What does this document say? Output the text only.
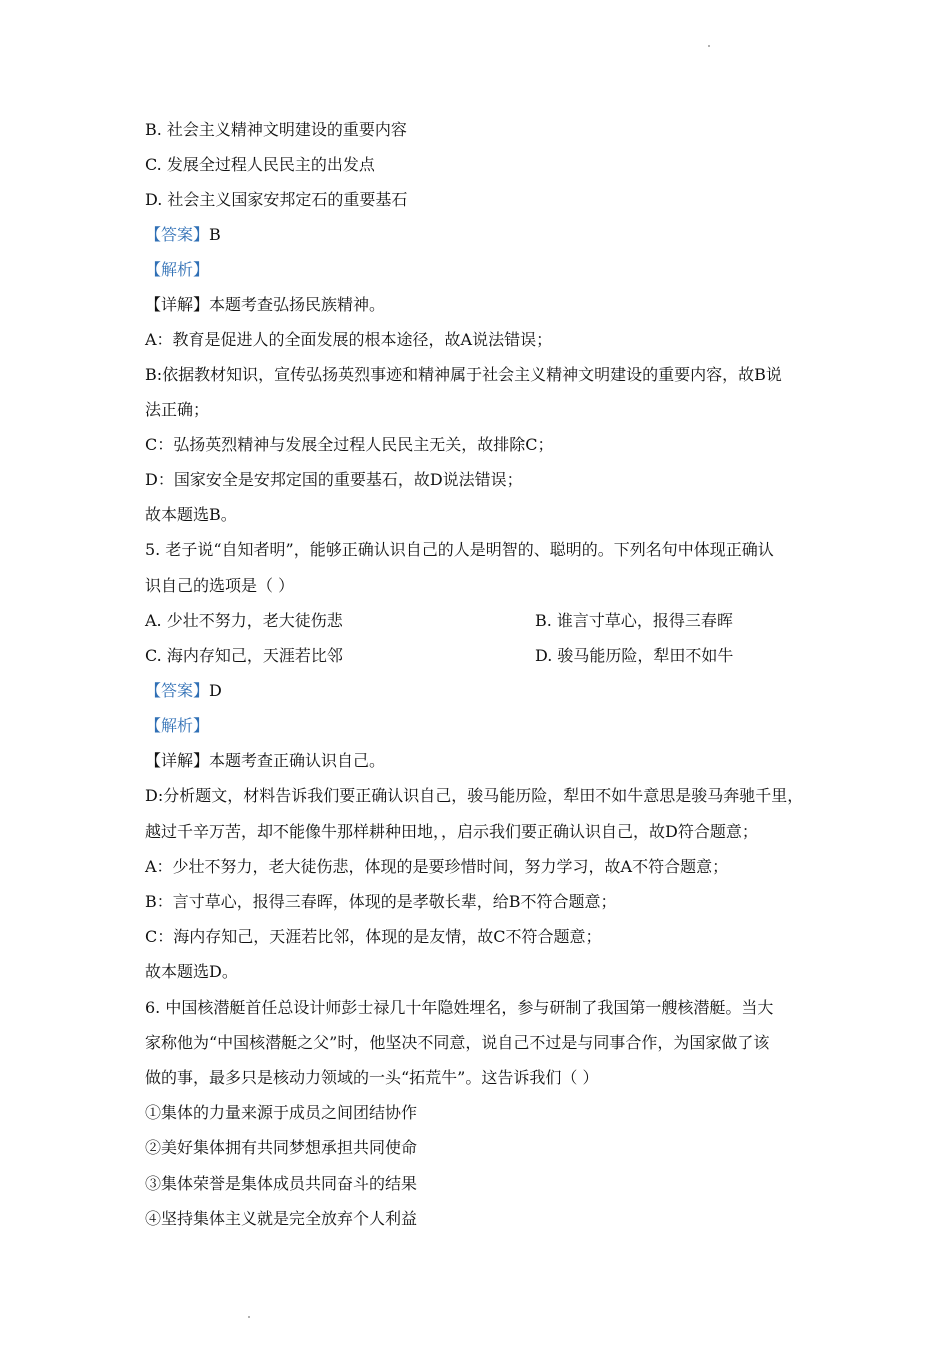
B. 社会主义精神文明建设的重要内容
C. 发展全过程人民民主的出发点
D. 社会主义国家安邦定石的重要基石
【答案】B
【解析】
【详解】本题考查弘扬民族精神。
A：教育是促进人的全面发展的根本途径，故A说法错误；
B:依据教材知识，宣传弘扬英烈事迹和精神属于社会主义精神文明建设的重要内容，故B说
法正确；
C：弘扬英烈精神与发展全过程人民民主无关，故排除C；
D：国家安全是安邦定国的重要基石，故D说法错误；
故本题选B。
5. 老子说“自知者明”，能够正确认识自己的人是明智的、聪明的。下列名句中体现正确认
识自己的选项是（ ）
A. 少壮不努力，老大徒伤悲	B. 谁言寸草心，报得三春晖
C. 海内存知己，天涯若比邻	D. 骏马能历险，犁田不如牛
【答案】D
【解析】
【详解】本题考查正确认识自己。
D:分析题文，材料告诉我们要正确认识自己，骏马能历险，犁田不如牛意思是骏马奔驰千里，
越过千辛万苦，却不能像牛那样耕种田地，，启示我们要正确认识自己，故D符合题意；
A：少壮不努力，老大徒伤悲，体现的是要珍惜时间，努力学习，故A不符合题意；
B：言寸草心，报得三春晖，体现的是孝敬长辈，给B不符合题意；
C：海内存知己，天涯若比邻，体现的是友情，故C不符合题意；
故本题选D。
6. 中国核潜艇首任总设计师彭士禄几十年隐姓埋名，参与研制了我国第一艘核潜艇。当大
家称他为“中国核潜艇之父”时，他坚决不同意，说自己不过是与同事合作，为国家做了该
做的事，最多只是核动力领域的一头“拓荒牛”。这告诉我们（ ）
①集体的力量来源于成员之间团结协作
②美好集体拥有共同梦想承担共同使命
③集体荣誉是集体成员共同奋斗的结果
④坚持集体主义就是完全放弃个人利益
